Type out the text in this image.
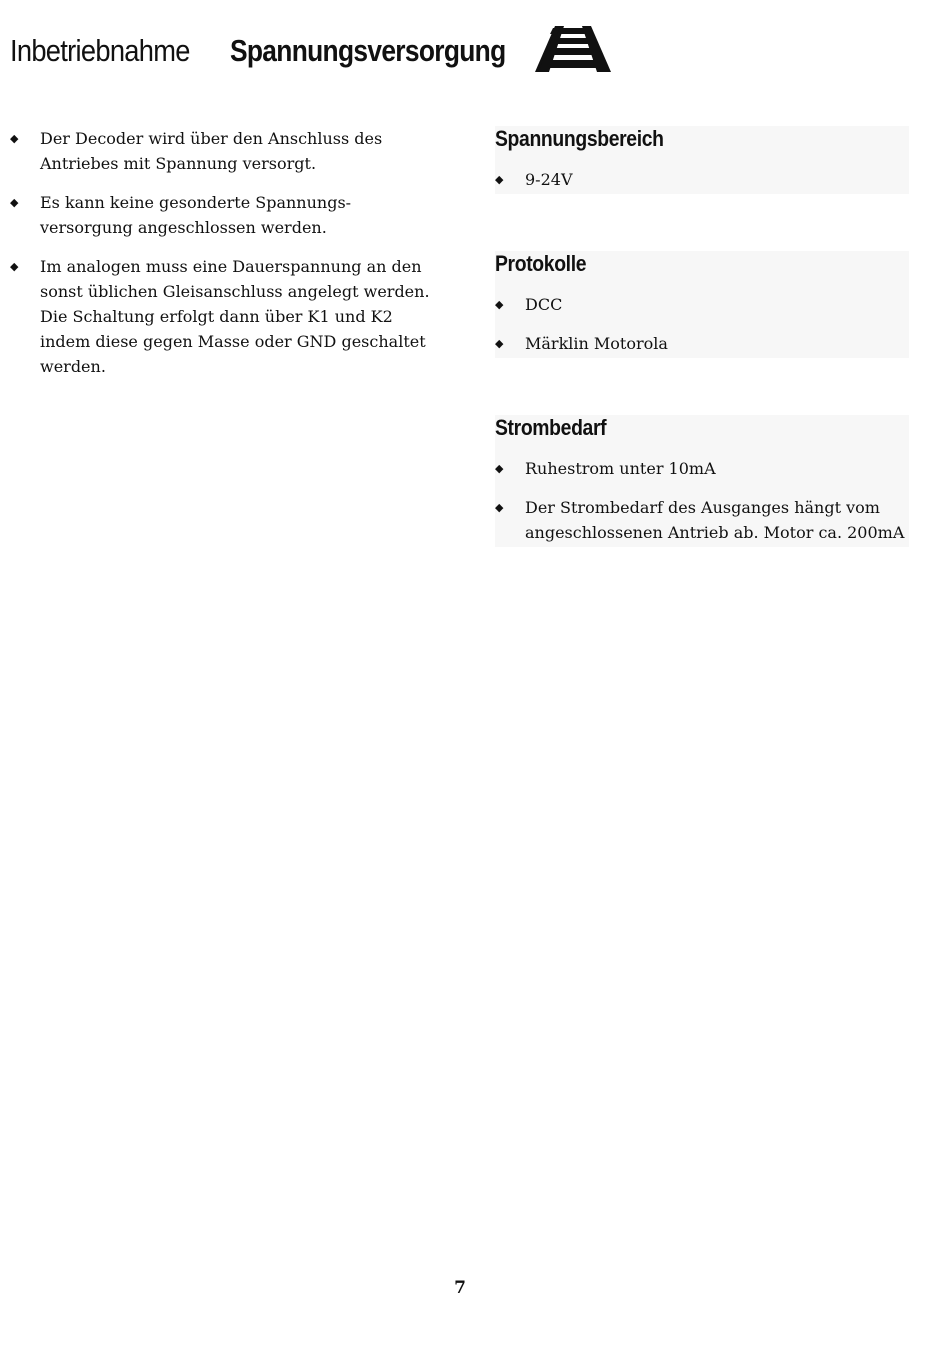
Inbetriebnahme Spannungsversorgung
◆ Der Decoder wird über den Anschluss des Antriebes mit Spannung versorgt.
◆ Es kann keine gesonderte Spannungs-versorgung angeschlossen werden.
◆ Im analogen muss eine Dauerspannung an den sonst üblichen Gleisanschluss angelegt werden. Die Schaltung erfolgt dann über K1 und K2 indem diese gegen Masse oder GND geschaltet werden.
Spannungsbereich
◆ 9-24V
Protokolle
◆ DCC
◆ Märklin Motorola
Strombedarf
◆ Ruhestrom unter 10mA
◆ Der Strombedarf des Ausganges hängt vom angeschlossenen Antrieb ab. Motor ca. 200mA
7
